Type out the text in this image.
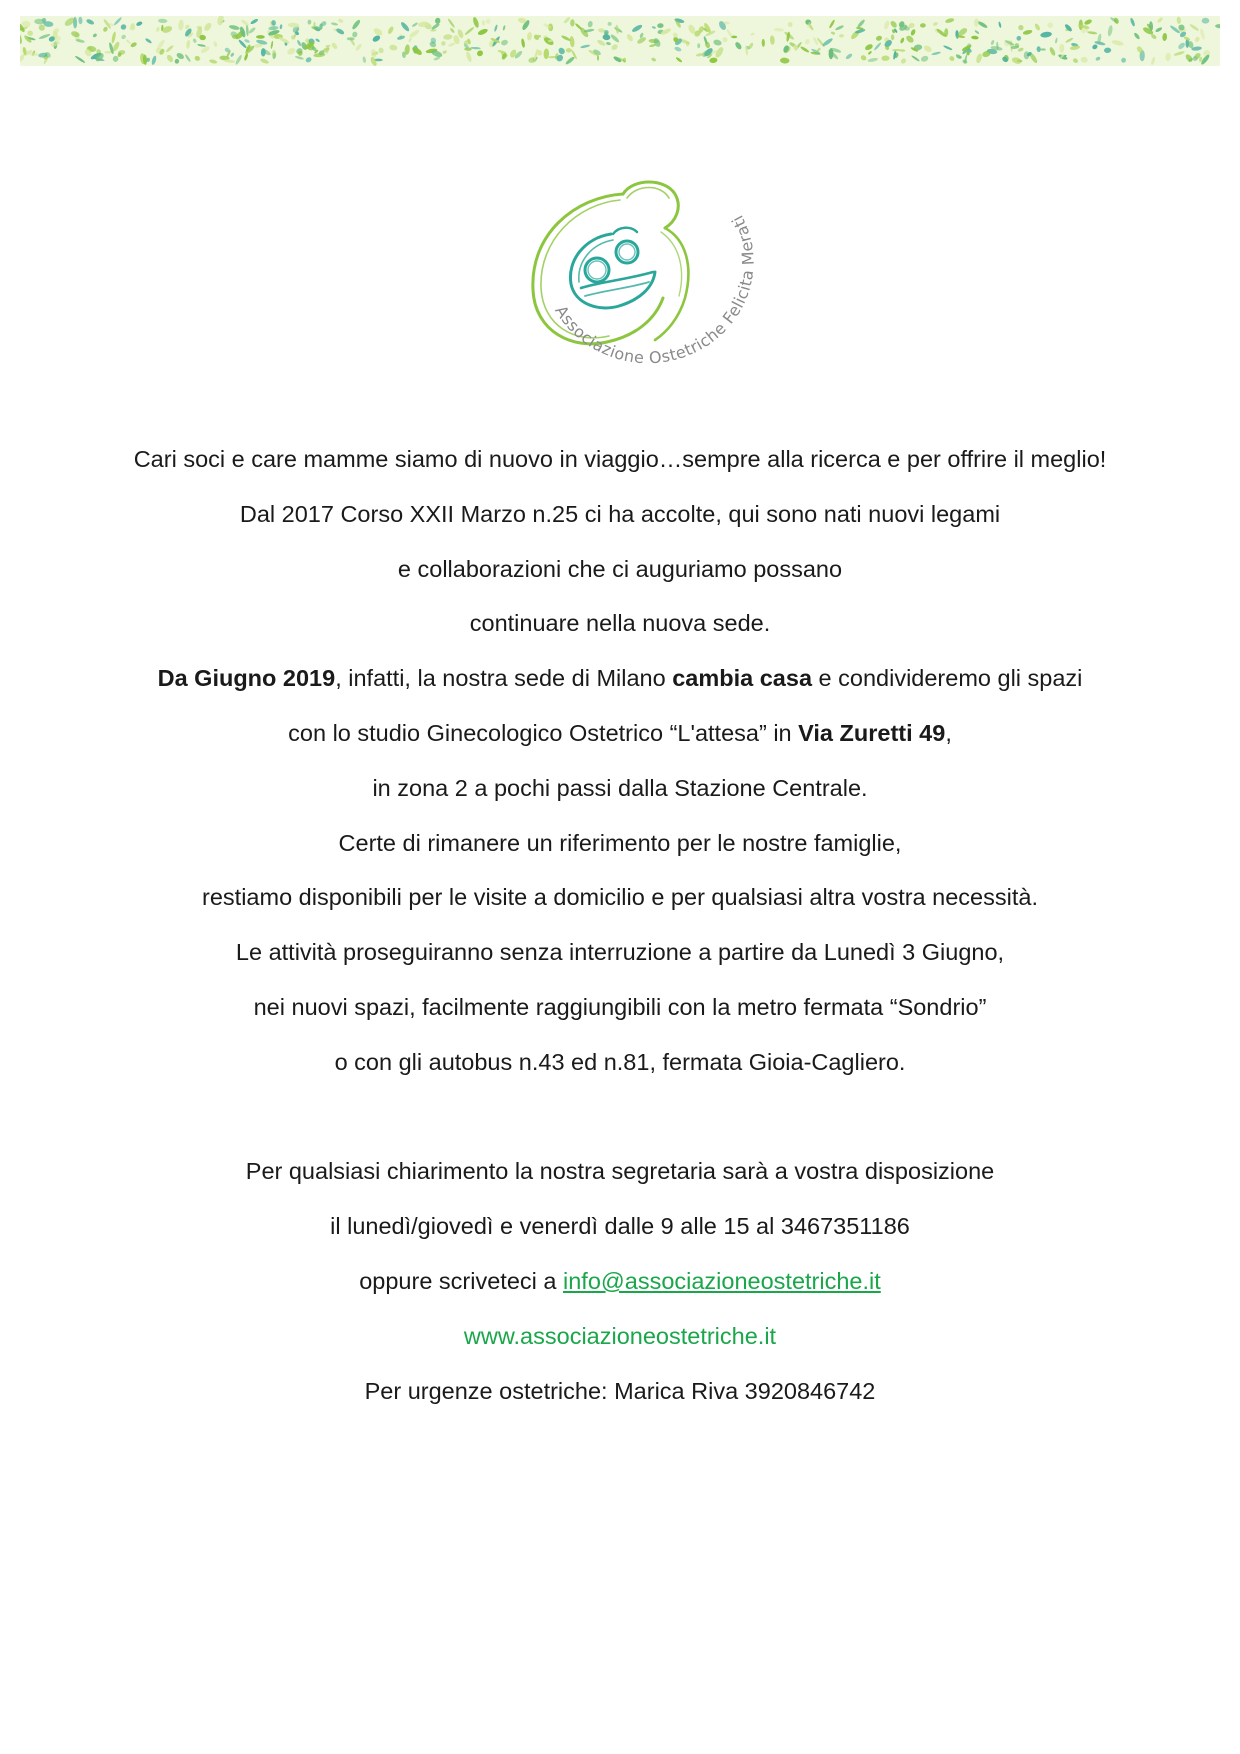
Associazione Ostetriche Felicita Merati
Cari soci e care mamme siamo di nuovo in viaggio…sempre alla ricerca e per offrire il meglio!
Dal 2017 Corso XXII Marzo n.25 ci ha accolte, qui sono nati nuovi legami
e collaborazioni che ci auguriamo possano
continuare nella nuova sede.
Da Giugno 2019, infatti, la nostra sede di Milano cambia casa e condivideremo gli spazi
con lo studio Ginecologico Ostetrico “L'attesa” in Via Zuretti 49,
in zona 2 a pochi passi dalla Stazione Centrale.
Certe di rimanere un riferimento per le nostre famiglie,
restiamo disponibili per le visite a domicilio e per qualsiasi altra vostra necessità.
Le attività proseguiranno senza interruzione a partire da Lunedì 3 Giugno,
nei nuovi spazi, facilmente raggiungibili con la metro fermata “Sondrio”
o con gli autobus n.43 ed n.81, fermata Gioia-Cagliero.
Per qualsiasi chiarimento la nostra segretaria sarà a vostra disposizione
il lunedì/giovedì e venerdì dalle 9 alle 15 al 3467351186
oppure scriveteci a info@associazioneostetriche.it
www.associazioneostetriche.it
Per urgenze ostetriche: Marica Riva 3920846742
